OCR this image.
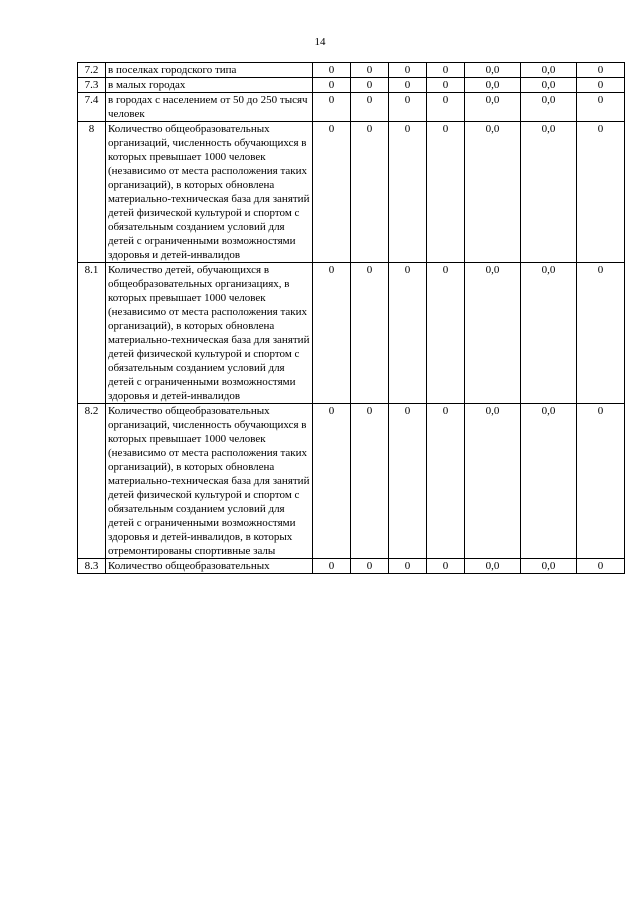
14
7.2	в поселках городского типа	0	0	0	0	0,0	0,0	0
7.3	в малых городах	0	0	0	0	0,0	0,0	0
7.4	в городах с населением от 50 до 250 тысяч человек	0	0	0	0	0,0	0,0	0
8	Количество общеобразовательных организаций, численность обучающихся в которых превышает 1000 человек (независимо от места расположения таких организаций), в которых обновлена материально-техническая база для занятий детей физической культурой и спортом с обязательным созданием условий для детей с ограниченными возможностями здоровья и детей-инвалидов	0	0	0	0	0,0	0,0	0
8.1	Количество детей, обучающихся в общеобразовательных организациях, в которых превышает 1000 человек (независимо от места расположения таких организаций), в которых обновлена материально-техническая база для занятий детей физической культурой и спортом с обязательным созданием условий для детей с ограниченными возможностями здоровья и детей-инвалидов	0	0	0	0	0,0	0,0	0
8.2	Количество общеобразовательных организаций, численность обучающихся в которых превышает 1000 человек (независимо от места расположения таких организаций), в которых обновлена материально-техническая база для занятий детей физической культурой и спортом с обязательным созданием условий для детей с ограниченными возможностями здоровья и детей-инвалидов, в которых отремонтированы спортивные залы	0	0	0	0	0,0	0,0	0
8.3	Количество общеобразовательных	0	0	0	0	0,0	0,0	0
